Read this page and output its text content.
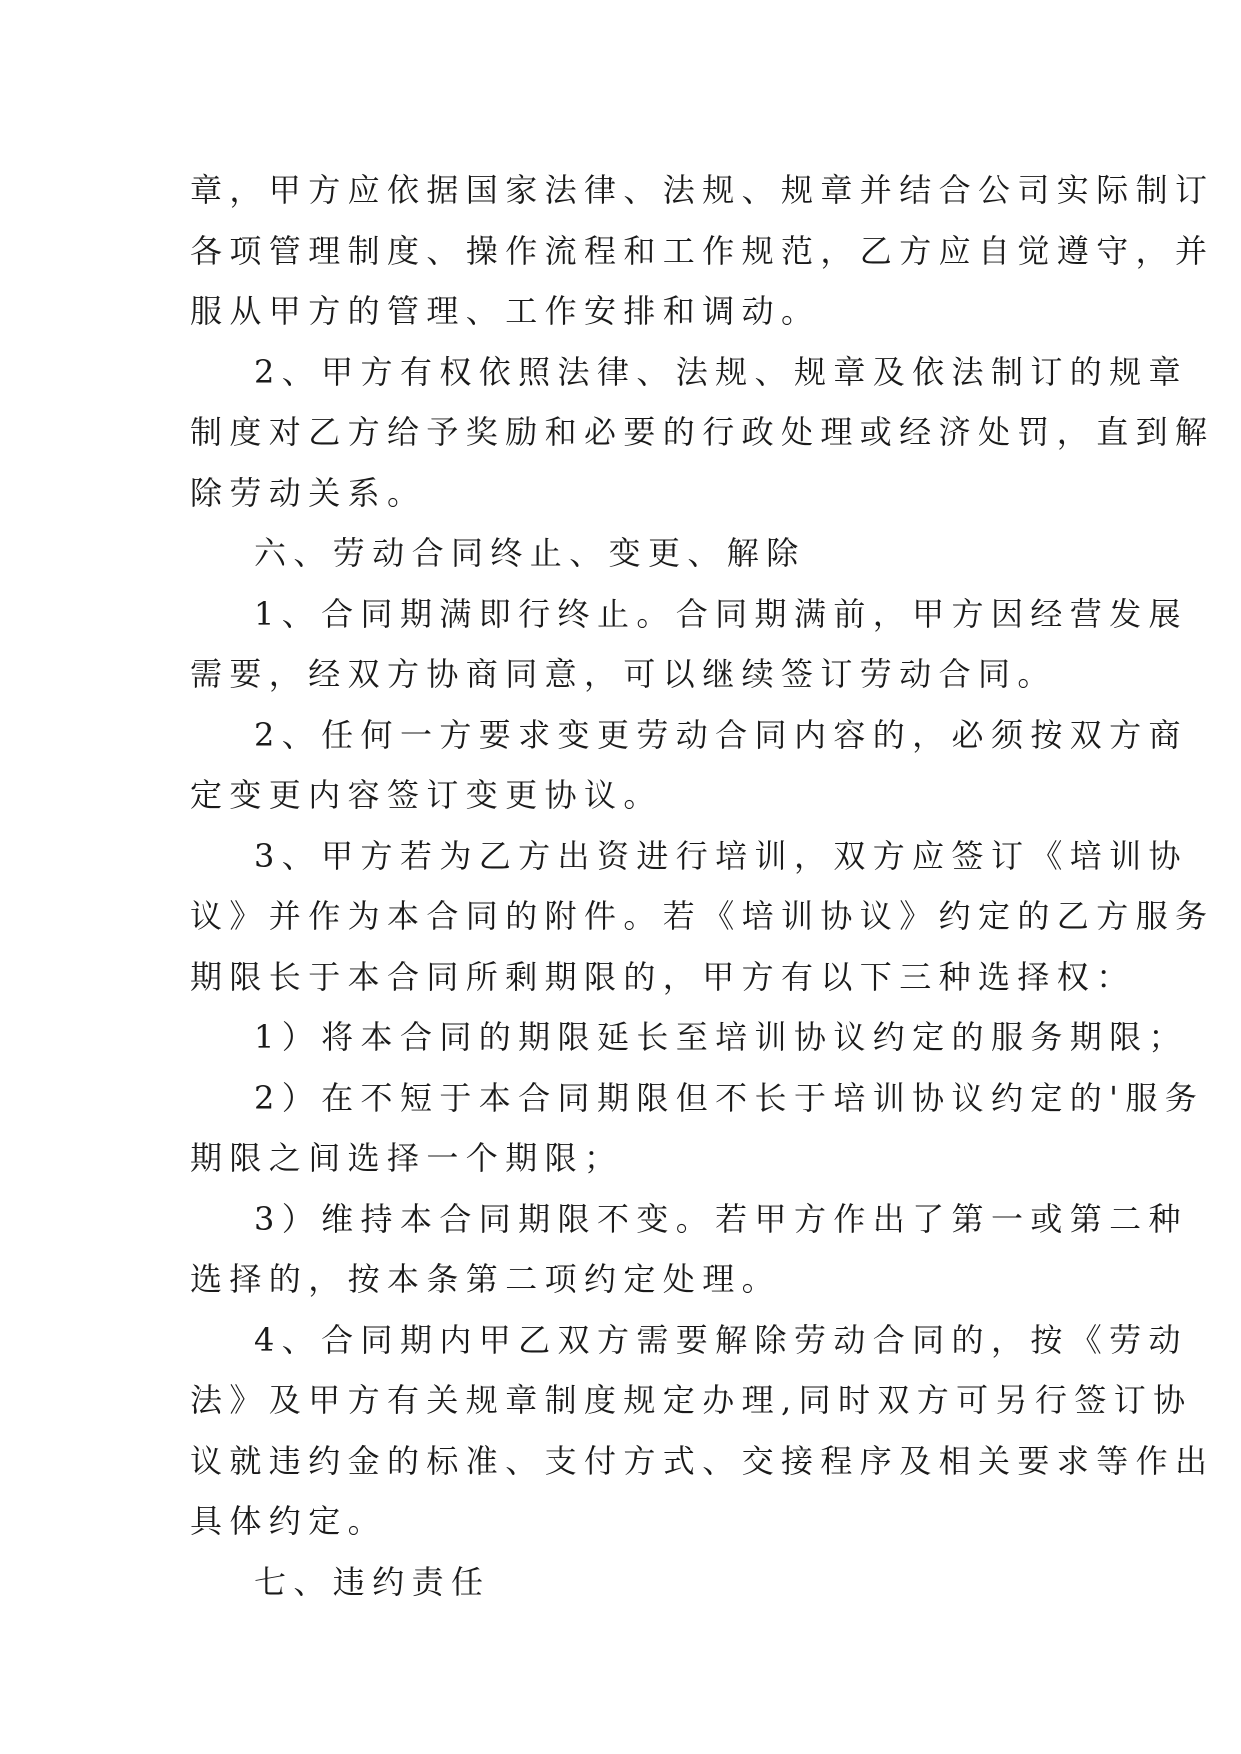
章，甲方应依据国家法律、法规、规章并结合公司实际制订
各项管理制度、操作流程和工作规范，乙方应自觉遵守，并
服从甲方的管理、工作安排和调动。
2、甲方有权依照法律、法规、规章及依法制订的规章
制度对乙方给予奖励和必要的行政处理或经济处罚，直到解
除劳动关系。
六、劳动合同终止、变更、解除
1、合同期满即行终止。合同期满前，甲方因经营发展
需要，经双方协商同意，可以继续签订劳动合同。
2、任何一方要求变更劳动合同内容的，必须按双方商
定变更内容签订变更协议。
3、甲方若为乙方出资进行培训，双方应签订《培训协
议》并作为本合同的附件。若《培训协议》约定的乙方服务
期限长于本合同所剩期限的，甲方有以下三种选择权：
1）将本合同的期限延长至培训协议约定的服务期限；
2）在不短于本合同期限但不长于培训协议约定的'服务
期限之间选择一个期限；
3）维持本合同期限不变。若甲方作出了第一或第二种
选择的，按本条第二项约定处理。
4、合同期内甲乙双方需要解除劳动合同的，按《劳动
法》及甲方有关规章制度规定办理,同时双方可另行签订协
议就违约金的标准、支付方式、交接程序及相关要求等作出
具体约定。
七、违约责任
